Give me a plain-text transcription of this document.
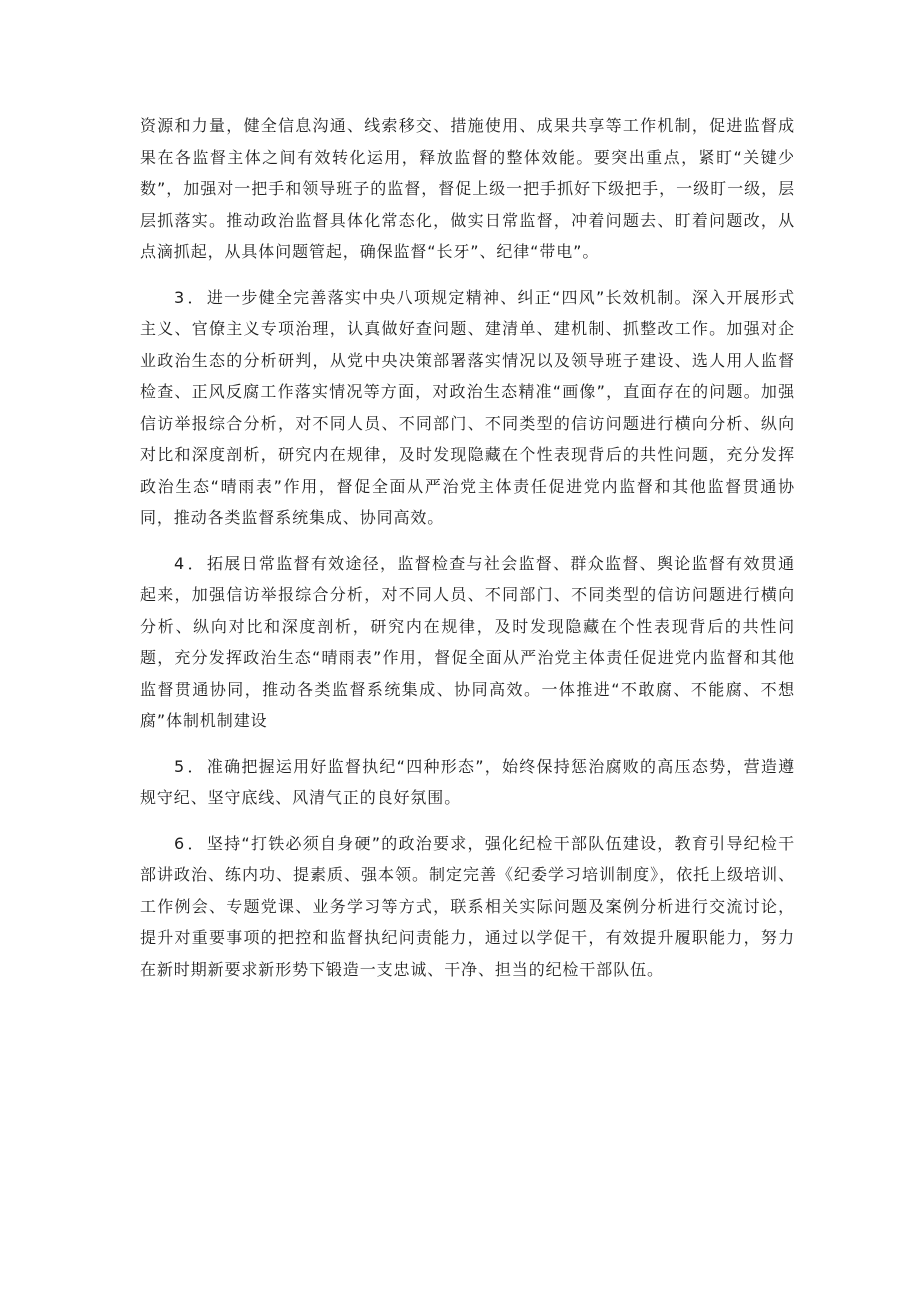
资源和力量，健全信息沟通、线索移交、措施使用、成果共享等工作机制，促进监督成果在各监督主体之间有效转化运用，释放监督的整体效能。要突出重点，紧盯“关键少数”，加强对一把手和领导班子的监督，督促上级一把手抓好下级把手，一级盯一级，层层抓落实。推动政治监督具体化常态化，做实日常监督，冲着问题去、盯着问题改，从点滴抓起，从具体问题管起，确保监督“长牙”、纪律“带电”。

3．进一步健全完善落实中央八项规定精神、纠正“四风”长效机制。深入开展形式主义、官僚主义专项治理，认真做好查问题、建清单、建机制、抓整改工作。加强对企业政治生态的分析研判，从党中央决策部署落实情况以及领导班子建设、选人用人监督检查、正风反腐工作落实情况等方面，对政治生态精准“画像”，直面存在的问题。加强信访举报综合分析，对不同人员、不同部门、不同类型的信访问题进行横向分析、纵向对比和深度剖析，研究内在规律，及时发现隐藏在个性表现背后的共性问题，充分发挥政治生态“晴雨表”作用，督促全面从严治党主体责任促进党内监督和其他监督贯通协同，推动各类监督系统集成、协同高效。

4．拓展日常监督有效途径，监督检查与社会监督、群众监督、舆论监督有效贯通起来，加强信访举报综合分析，对不同人员、不同部门、不同类型的信访问题进行横向分析、纵向对比和深度剖析，研究内在规律，及时发现隐藏在个性表现背后的共性问题，充分发挥政治生态“晴雨表”作用，督促全面从严治党主体责任促进党内监督和其他监督贯通协同，推动各类监督系统集成、协同高效。一体推进“不敢腐、不能腐、不想腐”体制机制建设

5．准确把握运用好监督执纪“四种形态”，始终保持惩治腐败的高压态势，营造遵规守纪、坚守底线、风清气正的良好氛围。

6．坚持“打铁必须自身硬”的政治要求，强化纪检干部队伍建设，教育引导纪检干部讲政治、练内功、提素质、强本领。制定完善《纪委学习培训制度》，依托上级培训、工作例会、专题党课、业务学习等方式，联系相关实际问题及案例分析进行交流讨论，提升对重要事项的把控和监督执纪问责能力，通过以学促干，有效提升履职能力，努力在新时期新要求新形势下锻造一支忠诚、干净、担当的纪检干部队伍。
